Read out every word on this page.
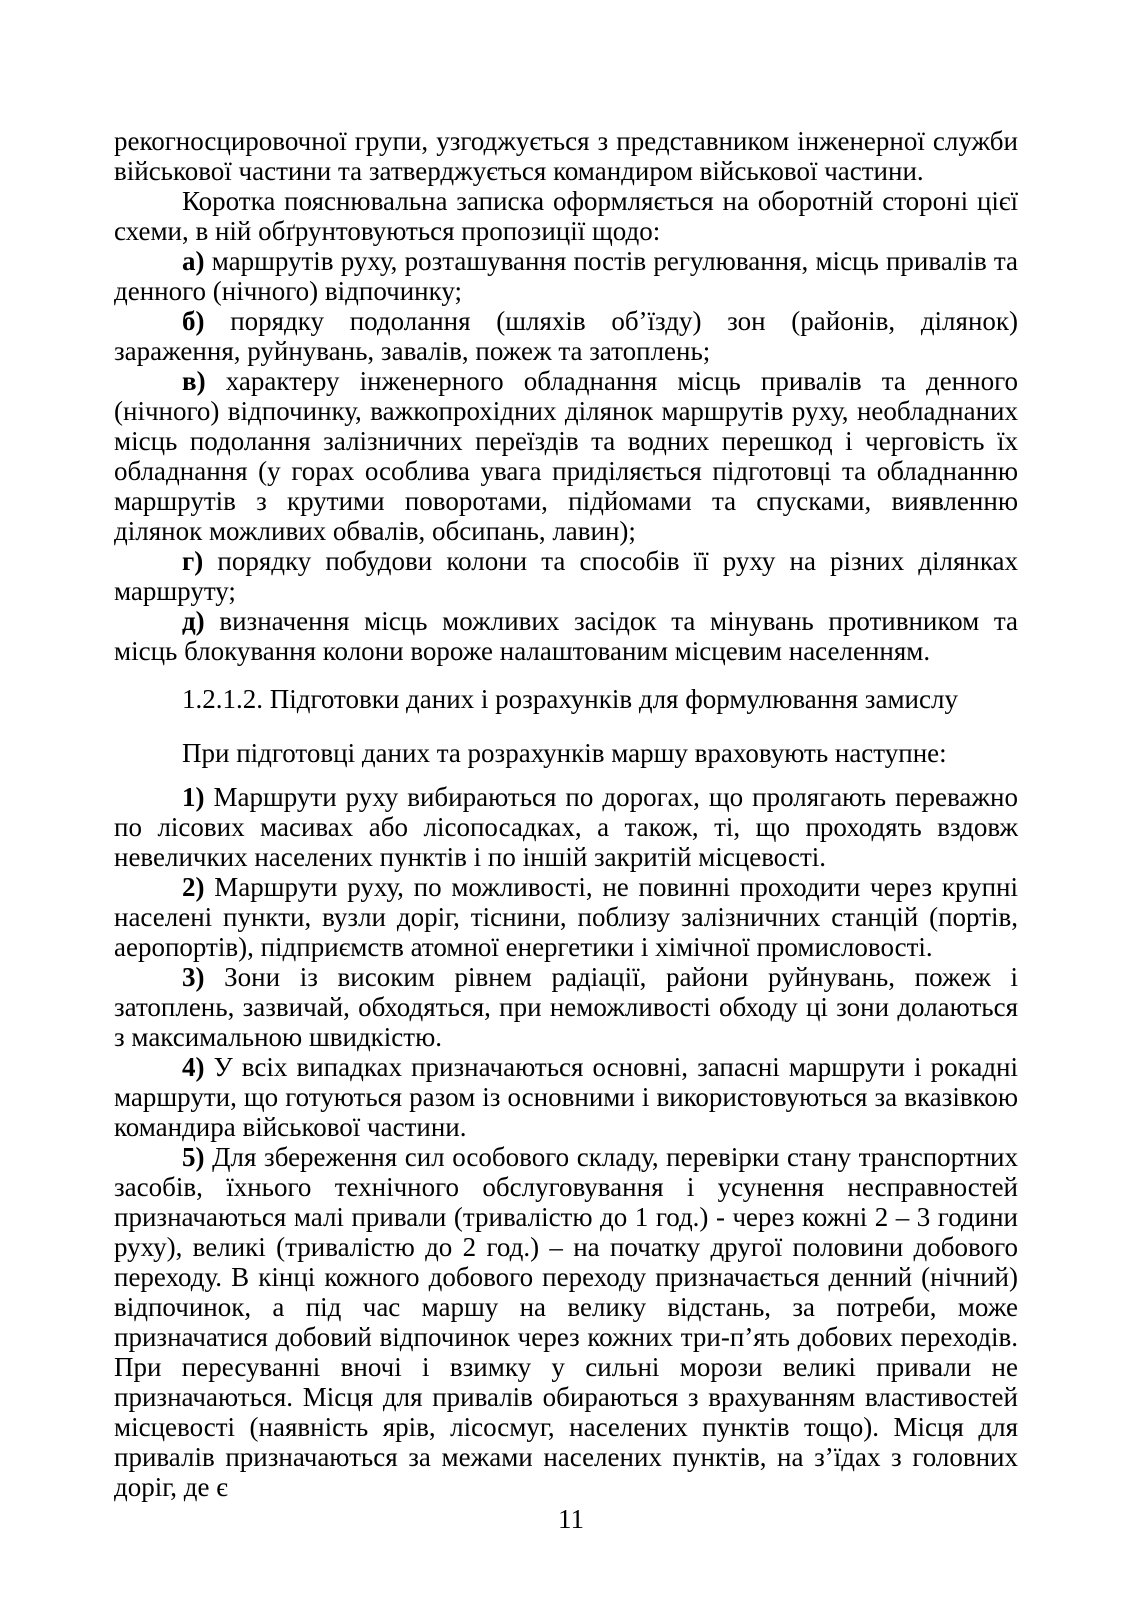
рекогносцировочної групи, узгоджується з представником інженерної служби військової частини та затверджується командиром військової частини.

Коротка пояснювальна записка оформляється на оборотній стороні цієї схеми, в ній обґрунтовуються пропозиції щодо:

а) маршрутів руху, розташування постів регулювання, місць привалів та денного (нічного) відпочинку;

б) порядку подолання (шляхів об’їзду) зон (районів, ділянок) зараження, руйнувань, завалів, пожеж та затоплень;

в) характеру інженерного обладнання місць привалів та денного (нічного) відпочинку, важкопрохідних ділянок маршрутів руху, необладнаних місць подолання залізничних переїздів та водних перешкод і черговість їх обладнання (у горах особлива увага приділяється підготовці та обладнанню маршрутів з крутими поворотами, підйомами та спусками, виявленню ділянок можливих обвалів, обсипань, лавин);

г) порядку побудови колони та способів її руху на різних ділянках маршруту;

д) визначення місць можливих засідок та мінувань противником та місць блокування колони вороже налаштованим місцевим населенням.

1.2.1.2. Підготовки даних і розрахунків для формулювання замислу

При підготовці даних та розрахунків маршу враховують наступне:

1) Маршрути руху вибираються по дорогах, що пролягають переважно по лісових масивах або лісопосадках, а також, ті, що проходять вздовж невеличких населених пунктів і по іншій закритій місцевості.

2) Маршрути руху, по можливості, не повинні проходити через крупні населені пункти, вузли доріг, тіснини, поблизу залізничних станцій (портів, аеропортів), підприємств атомної енергетики і хімічної промисловості.

3) Зони із високим рівнем радіації, райони руйнувань, пожеж і затоплень, зазвичай, обходяться, при неможливості обходу ці зони долаються з максимальною швидкістю.

4) У всіх випадках призначаються основні, запасні маршрути і рокадні маршрути, що готуються разом із основними і використовуються за вказівкою командира військової частини.

5) Для збереження сил особового складу, перевірки стану транспортних засобів, їхнього технічного обслуговування і усунення несправностей призначаються малі привали (тривалістю до 1 год.) - через кожні 2 – 3 години руху), великі (тривалістю до 2 год.) – на початку другої половини добового переходу. В кінці кожного добового переходу призначається денний (нічний) відпочинок, а під час маршу на велику відстань, за потреби, може призначатися добовий відпочинок через кожних три-п’ять добових переходів. При пересуванні вночі і взимку у сильні морози великі привали не призначаються. Місця для привалів обираються з врахуванням властивостей місцевості (наявність ярів, лісосмуг, населених пунктів тощо). Місця для привалів призначаються за межами населених пунктів, на з’їдах з головних доріг, де є

11
